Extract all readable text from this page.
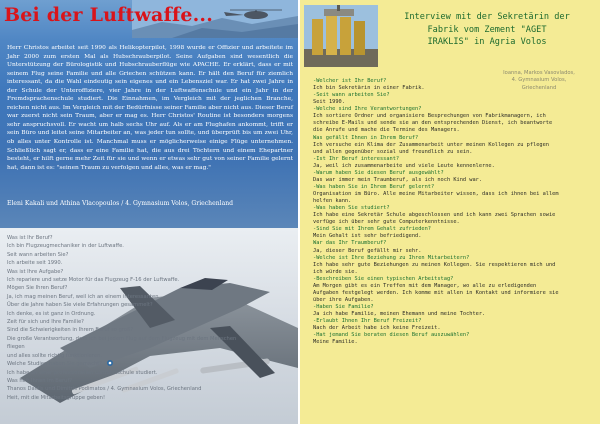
Bei der Luftwaffe...

Herr Christos arbeitet seit 1990 als Helikopterpilot, 1998 wurde er Offizier und arbeitete im Jahr 2000 zum ersten Mal als Hubschrauberpilot. Seine Aufgaben sind wesentlich die Unterstützung der Bürologistik und Hubschrauberflüge wie APACHE. Er erklärt, dass er mit seinem Flug seine Familie und alle Griechen schützen kann. Er hält den Beruf für ziemlich interessant, da die Wahl eindeutig sein eigenes und ein Lebensziel war. Er hat zwei Jahre in der Schule der Unteroffiziere, vier Jahre in der Luftwaffenschule und ein Jahr in der Fremdsprachenschule studiert. Die Einnahmen, im Vergleich mit der jeglichen Branche, reichen nicht aus. Im Vergleich mit der Bedürfnisse seiner Familie aber nicht aus. Dieser Beruf war zuerst nicht sein Traum, aber er mag es. Herr Christos' Routine ist besonders morgens sehr anspruchsvoll. Er wacht um halb sechs Uhr auf. Als er am Flughafen ankommt, trifft er sein Büro und leitet seine Mitarbeiter an, was jeder tun sollte, und überprüft bis um zwei Uhr, ob alles unter Kontrolle ist. Manchmal muss er möglicherweise einige Flüge unternehmen. Schließlich sagt er, dass er eine Familie hat, die aus drei Töchtern und einem Ehepartner besteht, er hilft gerne mehr Zeit für sie und wenn er etwas sehr gut von seiner Familie gelernt hat, dann ist es: "seinen Traum zu verfolgen und alles, was er mag."

Eleni Kakali und Athina Vlacopoulos / 4. Gymnasium Volos, Griechenland
Was ist Ihr Beruf?
Ich bin Flugzeugmechaniker in der Luftwaffe.
Seit wann arbeiten Sie?
Ich arbeite seit 1990.
Was ist Ihre Aufgabe?
Ich repariere und setze Motor für das Flugzeug F-16 der Luftwaffe.
Mögen Sie Ihren Beruf?
Ja, ich mag meinen Beruf, weil ich an einem interessanten
Über die Jahre haben Sie viele Erfahrungen gesammelt?
Ich denke, es ist ganz in Ordnung.
Zeit für sich und Ihre Familie?
Sind die Schwierigkeiten in Ihrem Beruf so groß?
Die große Verantwortung, dass ich bei jedem Flug auf dem Flugzeug mit dem Menschen fliegen
und alles sollte richtig funktionieren.
Welche Studien haben Sie gemacht?
Ich habe an einer professionellen Luftfahrtschule studiert.
Was hilft Ihnen im Beruf?
Thanos Daldis und Dimitris Podimatos / 4. Gymnasium Volos, Griechenland
Heit, mit die Mitarbeitsgruppe geben!
Interview mit der Sekretärin der
Fabrik vom Zement "AGET
IRAKLIS" in Agria Volos
Ioanna, Markos Vasovlados,
4. Gymnasium Volos,
Griechenland
-Welcher ist Ihr Beruf?
Ich bin Sekretärin in einer Fabrik.
-Seit wann arbeiten Sie?
Seit 1990.
-Welche sind Ihre Verantwortungen?
Ich sortiere Ordner und organisiere Besprechungen von Fabrikmanagern, ich
schreibe E-Mails und sende sie an den entsprechenden Dienst, ich beantworte
die Anrufe und mache die Termine des Managers.
Was gefällt Ihnen in Ihrem Beruf?
Ich versuche ein Klima der Zusammenarbeit unter meinen Kollegen zu pflegen
und allen gegenüber sozial und freundlich zu sein.
-Ist Ihr Beruf interessant?
Ja, weil ich zusammenarbeite und viele Leute kennenlerne.
-Warum haben Sie diesen Beruf ausgewählt?
Das war immer mein Traumberuf, als ich noch Kind war.
-Was haben Sie in Ihrem Beruf gelernt?
Organisation im Büro. Alle meine Mitarbeiter wissen, dass ich ihnen bei allem
helfen kann.
-Was haben Sie studiert?
Ich habe eine Sekretär Schule abgeschlossen und ich kann zwei Sprachen sowie
verfüge ich über sehr gute Computerkenntnisse.
-Sind Sie mit Ihrem Gehalt zufrieden?
Mein Gehalt ist sehr befriedigend.
War das Ihr Traumberuf?
Ja, dieser Beruf gefällt mir sehr.
-Welche ist Ihre Beziehung zu Ihren Mitarbeitern?
Ich habe sehr gute Beziehungen zu meinen Kollegen. Sie respektieren mich und
ich würde sie.
-Beschreiben Sie einen typischen Arbeitstag?
Am Morgen gibt es ein Treffen mit dem Manager, wo alle zu erledigenden
Aufgaben festgelegt werden. Ich komme mit allen in Kontakt und informiere sie
über ihre Aufgaben.
-Haben Sie Familie?
Ja ich habe Familie, meinen Ehemann und meine Tochter.
-Erlaubt Ihnen Ihr Beruf Freizeit?
Nach der Arbeit habe ich keine Freizeit.
-Hat jemand Sie beraten diesen Beruf auszuwählen?
Meine Familie.
